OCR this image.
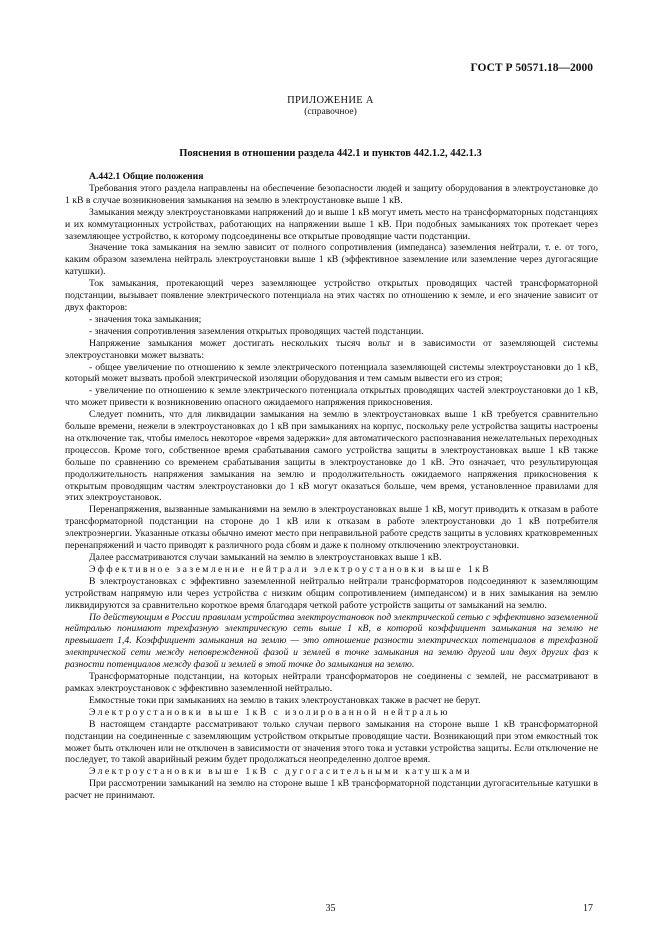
ГОСТ Р 50571.18—2000
ПРИЛОЖЕНИЕ А
(справочное)
Пояснения в отношении раздела 442.1 и пунктов 442.1.2, 442.1.3

А.442.1 Общие положения

Требования этого раздела направлены на обеспечение безопасности людей и защиту оборудования в электроустановке до 1 кВ в случае возникновения замыкания на землю в электроустановке выше 1 кВ.

Замыкания между электроустановками напряжений до и выше 1 кВ могут иметь место на трансформаторных подстанциях и их коммутационных устройствах, работающих на напряжении выше 1 кВ. При подобных замыканиях ток протекает через заземляющее устройство, к которому подсоединены все открытые проводящие части подстанции.

Значение тока замыкания на землю зависит от полного сопротивления (импеданса) заземления нейтрали, т. е. от того, каким образом заземлена нейтраль электроустановки выше 1 кВ (эффективное заземление или заземление через дугогасящие катушки).

Ток замыкания, протекающий через заземляющее устройство открытых проводящих частей трансформаторной подстанции, вызывает появление электрического потенциала на этих частях по отношению к земле, и его значение зависит от двух факторов:

- значения тока замыкания;

- значения сопротивления заземления открытых проводящих частей подстанции.

Напряжение замыкания может достигать нескольких тысяч вольт и в зависимости от заземляющей системы электроустановки может вызвать:

- общее увеличение по отношению к земле электрического потенциала заземляющей системы электроустановки до 1 кВ, который может вызвать пробой электрической изоляции оборудования и тем самым вывести его из строя;

- увеличение по отношению к земле электрического потенциала открытых проводящих частей электроустановки до 1 кВ, что может привести к возникновению опасного ожидаемого напряжения прикосновения.

Следует помнить, что для ликвидации замыкания на землю в электроустановках выше 1 кВ требуется сравнительно больше времени, нежели в электроустановках до 1 кВ при замыканиях на корпус, поскольку реле устройства защиты настроены на отключение так, чтобы имелось некоторое «время задержки» для автоматического распознавания нежелательных переходных процессов. Кроме того, собственное время срабатывания самого устройства защиты в электроустановках выше 1 кВ также больше по сравнению со временем срабатывания защиты в электроустановке до 1 кВ. Это означает, что результирующая продолжительность напряжения замыкания на землю и продолжительность ожидаемого напряжения прикосновения к открытым проводящим частям электроустановки до 1 кВ могут оказаться больше, чем время, установленное правилами для этих электроустановок.

Перенапряжения, вызванные замыканиями на землю в электроустановках выше 1 кВ, могут приводить к отказам в работе трансформаторной подстанции на стороне до 1 кВ или к отказам в работе электроустановки до 1 кВ потребителя электроэнергии. Указанные отказы обычно имеют место при неправильной работе средств защиты в условиях кратковременных перенапряжений и часто приводят к различного рода сбоям и даже к полному отключению электроустановки.

Далее рассматриваются случаи замыканий на землю в электроустановках выше 1 кВ.

Эффективное заземление нейтрали электроустановки выше 1кВ

В электроустановках с эффективно заземленной нейтралью нейтрали трансформаторов подсоединяют к заземляющим устройствам напрямую или через устройства с низким общим сопротивлением (импедансом) и в них замыкания на землю ликвидируются за сравнительно короткое время благодаря четкой работе устройств защиты от замыканий на землю.

По действующим в России правилам устройства электроустановок под электрической сетью с эффективно заземленной нейтралью понимают трехфазную электрическую сеть выше 1 кВ, в которой коэффициент замыкания на землю не превышает 1,4. Коэффициент замыкания на землю — это отношение разности электрических потенциалов в трехфазной электрической сети между неповрежденной фазой и землей в точке замыкания на землю другой или двух других фаз к разности потенциалов между фазой и землей в этой точке до замыкания на землю.

Трансформаторные подстанции, на которых нейтрали трансформаторов не соединены с землей, не рассматривают в рамках электроустановок с эффективно заземленной нейтралью.

Емкостные токи при замыканиях на землю в таких электроустановках также в расчет не берут.

Электроустановки выше 1кВ с изолированной нейтралью

В настоящем стандарте рассматривают только случаи первого замыкания на стороне выше 1 кВ трансформаторной подстанции на соединенные с заземляющим устройством открытые проводящие части. Возникающий при этом емкостный ток может быть отключен или не отключен в зависимости от значения этого тока и уставки устройства защиты. Если отключение не последует, то такой аварийный режим будет продолжаться неопределенно долгое время.

Электроустановки выше 1кВ с дугогасительными катушками

При рассмотрении замыканий на землю на стороне выше 1 кВ трансформаторной подстанции дугогасительные катушки в расчет не принимают.

35	17
